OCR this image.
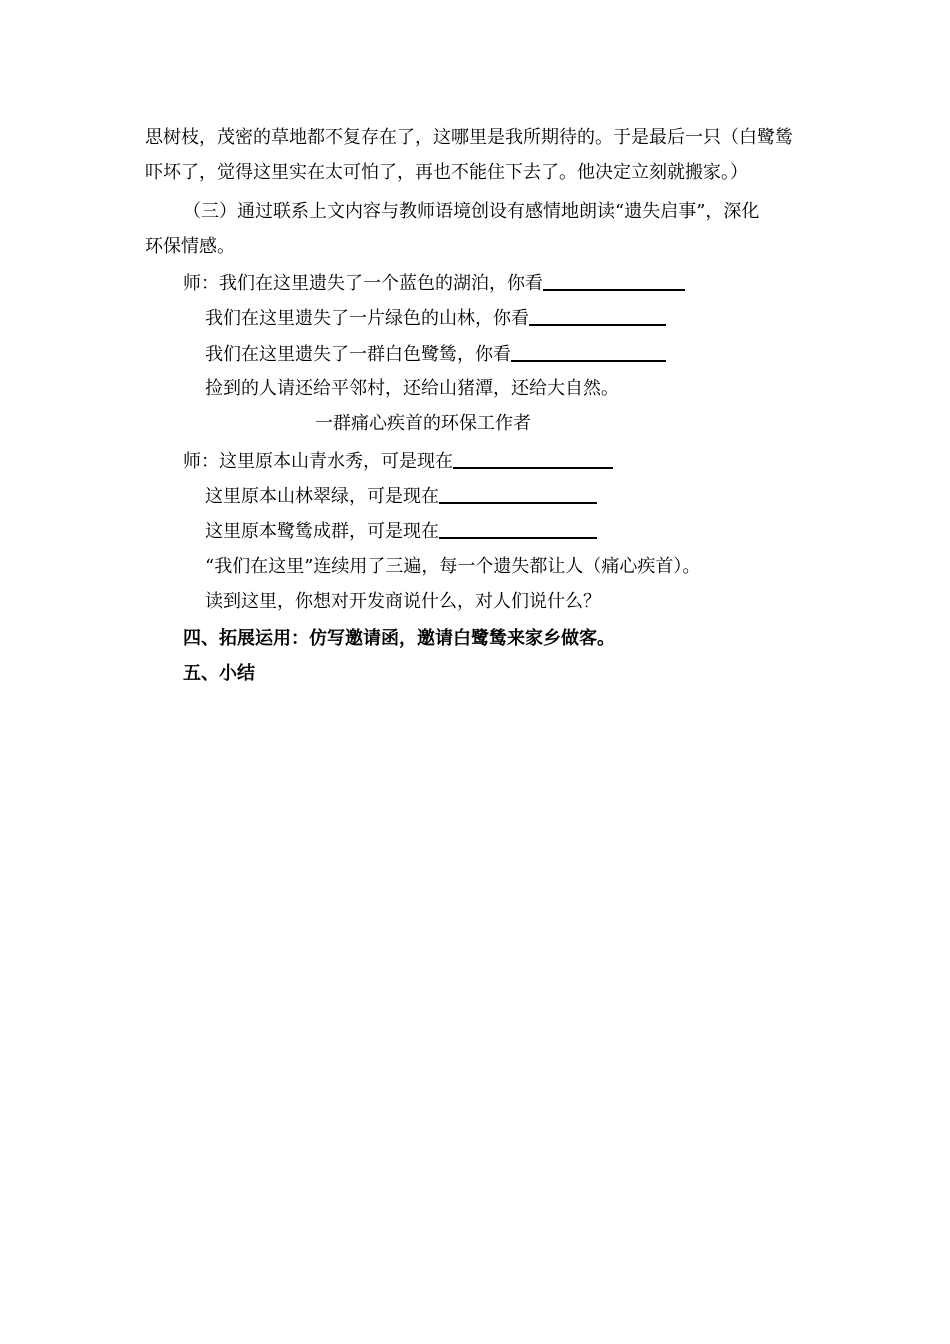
思树枝，茂密的草地都不复存在了，这哪里是我所期待的。于是最后一只（白鹭鸶
吓坏了，觉得这里实在太可怕了，再也不能住下去了。他决定立刻就搬家。）
（三）通过联系上文内容与教师语境创设有感情地朗读“遗失启事”，深化
环保情感。
师：我们在这里遗失了一个蓝色的湖泊，你看
我们在这里遗失了一片绿色的山林，你看
我们在这里遗失了一群白色鹭鸶，你看
捡到的人请还给平邻村，还给山猪潭，还给大自然。
一群痛心疾首的环保工作者
师：这里原本山青水秀，可是现在
这里原本山林翠绿，可是现在
这里原本鹭鸶成群，可是现在
“我们在这里”连续用了三遍，每一个遗失都让人（痛心疾首）。
读到这里，你想对开发商说什么，对人们说什么？
四、拓展运用：仿写邀请函，邀请白鹭鸶来家乡做客。
五、小结
